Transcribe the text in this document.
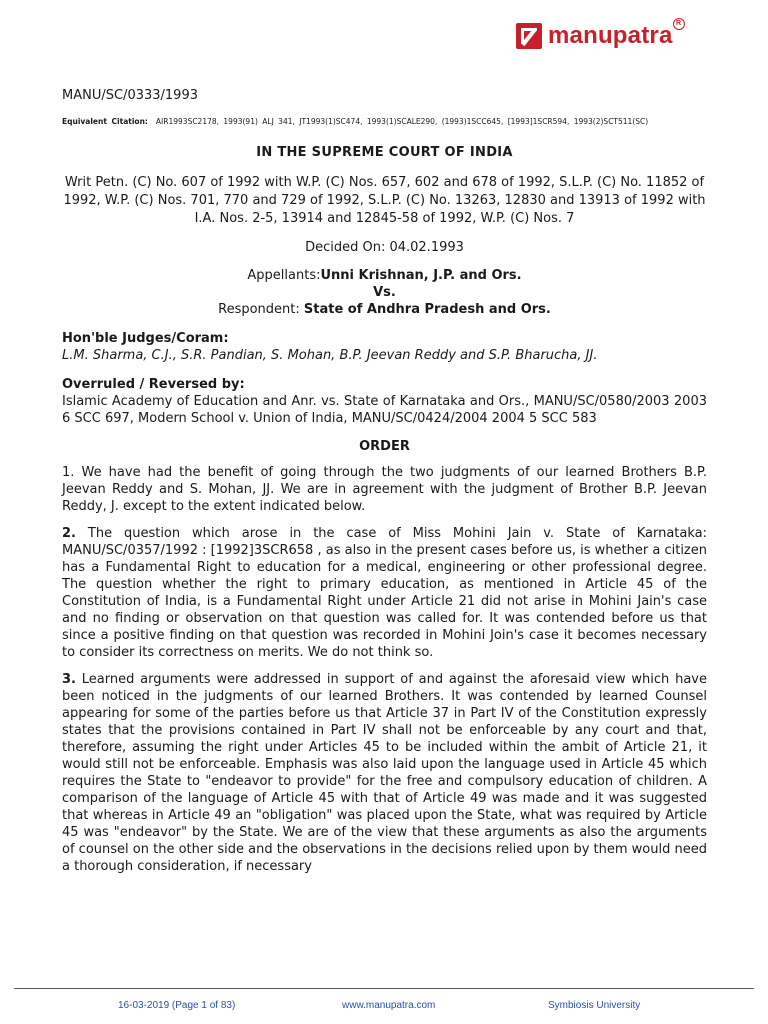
manupatra R
MANU/SC/0333/1993
Equivalent Citation: AIR1993SC2178, 1993(91) ALJ 341, JT1993(1)SC474, 1993(1)SCALE290, (1993)1SCC645, [1993]1SCR594, 1993(2)SCT511(SC)
IN THE SUPREME COURT OF INDIA
Writ Petn. (C) No. 607 of 1992 with W.P. (C) Nos. 657, 602 and 678 of 1992, S.L.P. (C) No. 11852 of 1992, W.P. (C) Nos. 701, 770 and 729 of 1992, S.L.P. (C) No. 13263, 12830 and 13913 of 1992 with I.A. Nos. 2-5, 13914 and 12845-58 of 1992, W.P. (C) Nos. 7
Decided On: 04.02.1993
Appellants:Unni Krishnan, J.P. and Ors.
Vs.
Respondent: State of Andhra Pradesh and Ors.
Hon'ble Judges/Coram:
L.M. Sharma, C.J., S.R. Pandian, S. Mohan, B.P. Jeevan Reddy and S.P. Bharucha, JJ.
Overruled / Reversed by:
Islamic Academy of Education and Anr. vs. State of Karnataka and Ors., MANU/SC/0580/2003 2003 6 SCC 697, Modern School v. Union of India, MANU/SC/0424/2004 2004 5 SCC 583
ORDER
1. We have had the benefit of going through the two judgments of our learned Brothers B.P. Jeevan Reddy and S. Mohan, JJ. We are in agreement with the judgment of Brother B.P. Jeevan Reddy, J. except to the extent indicated below.
2. The question which arose in the case of Miss Mohini Jain v. State of Karnataka: MANU/SC/0357/1992 : [1992]3SCR658 , as also in the present cases before us, is whether a citizen has a Fundamental Right to education for a medical, engineering or other professional degree. The question whether the right to primary education, as mentioned in Article 45 of the Constitution of India, is a Fundamental Right under Article 21 did not arise in Mohini Jain's case and no finding or observation on that question was called for. It was contended before us that since a positive finding on that question was recorded in Mohini Join's case it becomes necessary to consider its correctness on merits. We do not think so.
3. Learned arguments were addressed in support of and against the aforesaid view which have been noticed in the judgments of our learned Brothers. It was contended by learned Counsel appearing for some of the parties before us that Article 37 in Part IV of the Constitution expressly states that the provisions contained in Part IV shall not be enforceable by any court and that, therefore, assuming the right under Articles 45 to be included within the ambit of Article 21, it would still not be enforceable. Emphasis was also laid upon the language used in Article 45 which requires the State to "endeavor to provide" for the free and compulsory education of children. A comparison of the language of Article 45 with that of Article 49 was made and it was suggested that whereas in Article 49 an "obligation" was placed upon the State, what was required by Article 45 was "endeavor" by the State. We are of the view that these arguments as also the arguments of counsel on the other side and the observations in the decisions relied upon by them would need a thorough consideration, if necessary
16-03-2019 (Page 1 of 83)	www.manupatra.com	Symbiosis University
